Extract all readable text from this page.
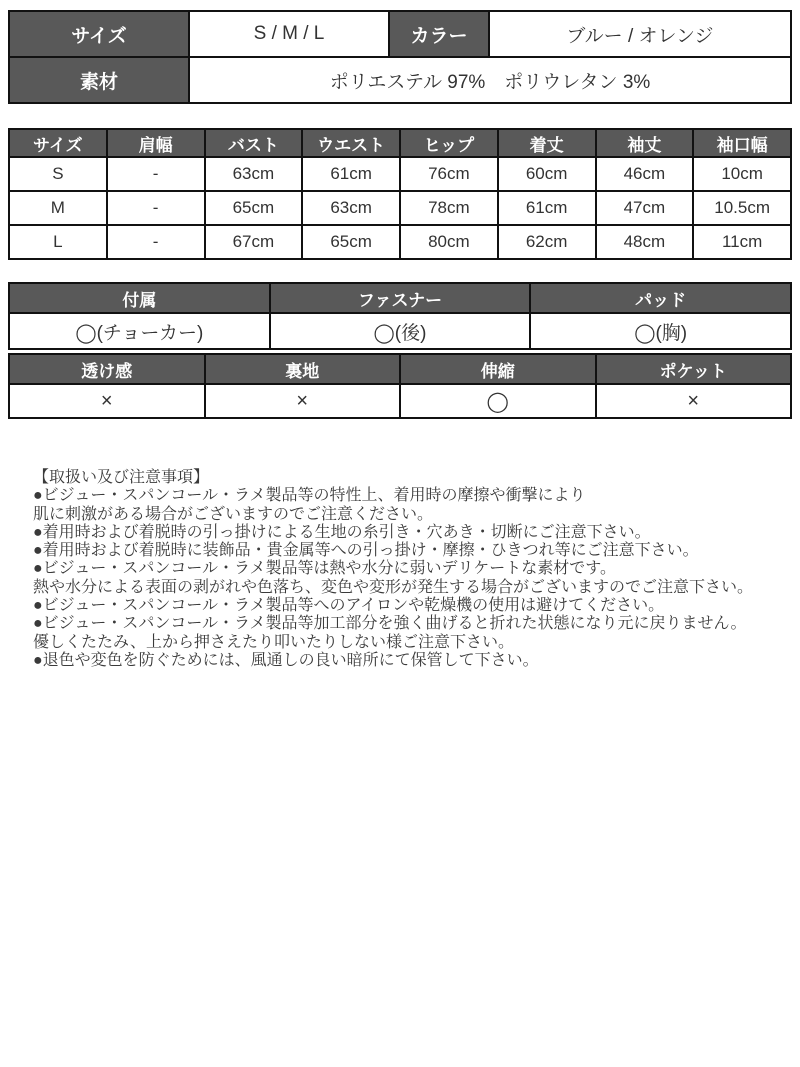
サイズ	S / M / L	カラー	ブルー / オレンジ
素材	ポリエステル 97%　ポリウレタン 3%		
サイズ	肩幅	バスト	ウエスト	ヒップ	着丈	袖丈	袖口幅
S	-	63cm	61cm	76cm	60cm	46cm	10cm
M	-	65cm	63cm	78cm	61cm	47cm	10.5cm
L	-	67cm	65cm	80cm	62cm	48cm	11cm
付属	ファスナー	パッド
◯(チョーカー)	◯(後)	◯(胸)
透け感	裏地	伸縮	ポケット
×	×	◯	×
【取扱い及び注意事項】
●ビジュー・スパンコール・ラメ製品等の特性上、着用時の摩擦や衝撃により
肌に刺激がある場合がございますのでご注意ください。
●着用時および着脱時の引っ掛けによる生地の糸引き・穴あき・切断にご注意下さい。
●着用時および着脱時に装飾品・貴金属等への引っ掛け・摩擦・ひきつれ等にご注意下さい。
●ビジュー・スパンコール・ラメ製品等は熱や水分に弱いデリケートな素材です。
熱や水分による表面の剥がれや色落ち、変色や変形が発生する場合がございますのでご注意下さい。
●ビジュー・スパンコール・ラメ製品等へのアイロンや乾燥機の使用は避けてください。
●ビジュー・スパンコール・ラメ製品等加工部分を強く曲げると折れた状態になり元に戻りません。
優しくたたみ、上から押さえたり叩いたりしない様ご注意下さい。
●退色や変色を防ぐためには、風通しの良い暗所にて保管して下さい。
